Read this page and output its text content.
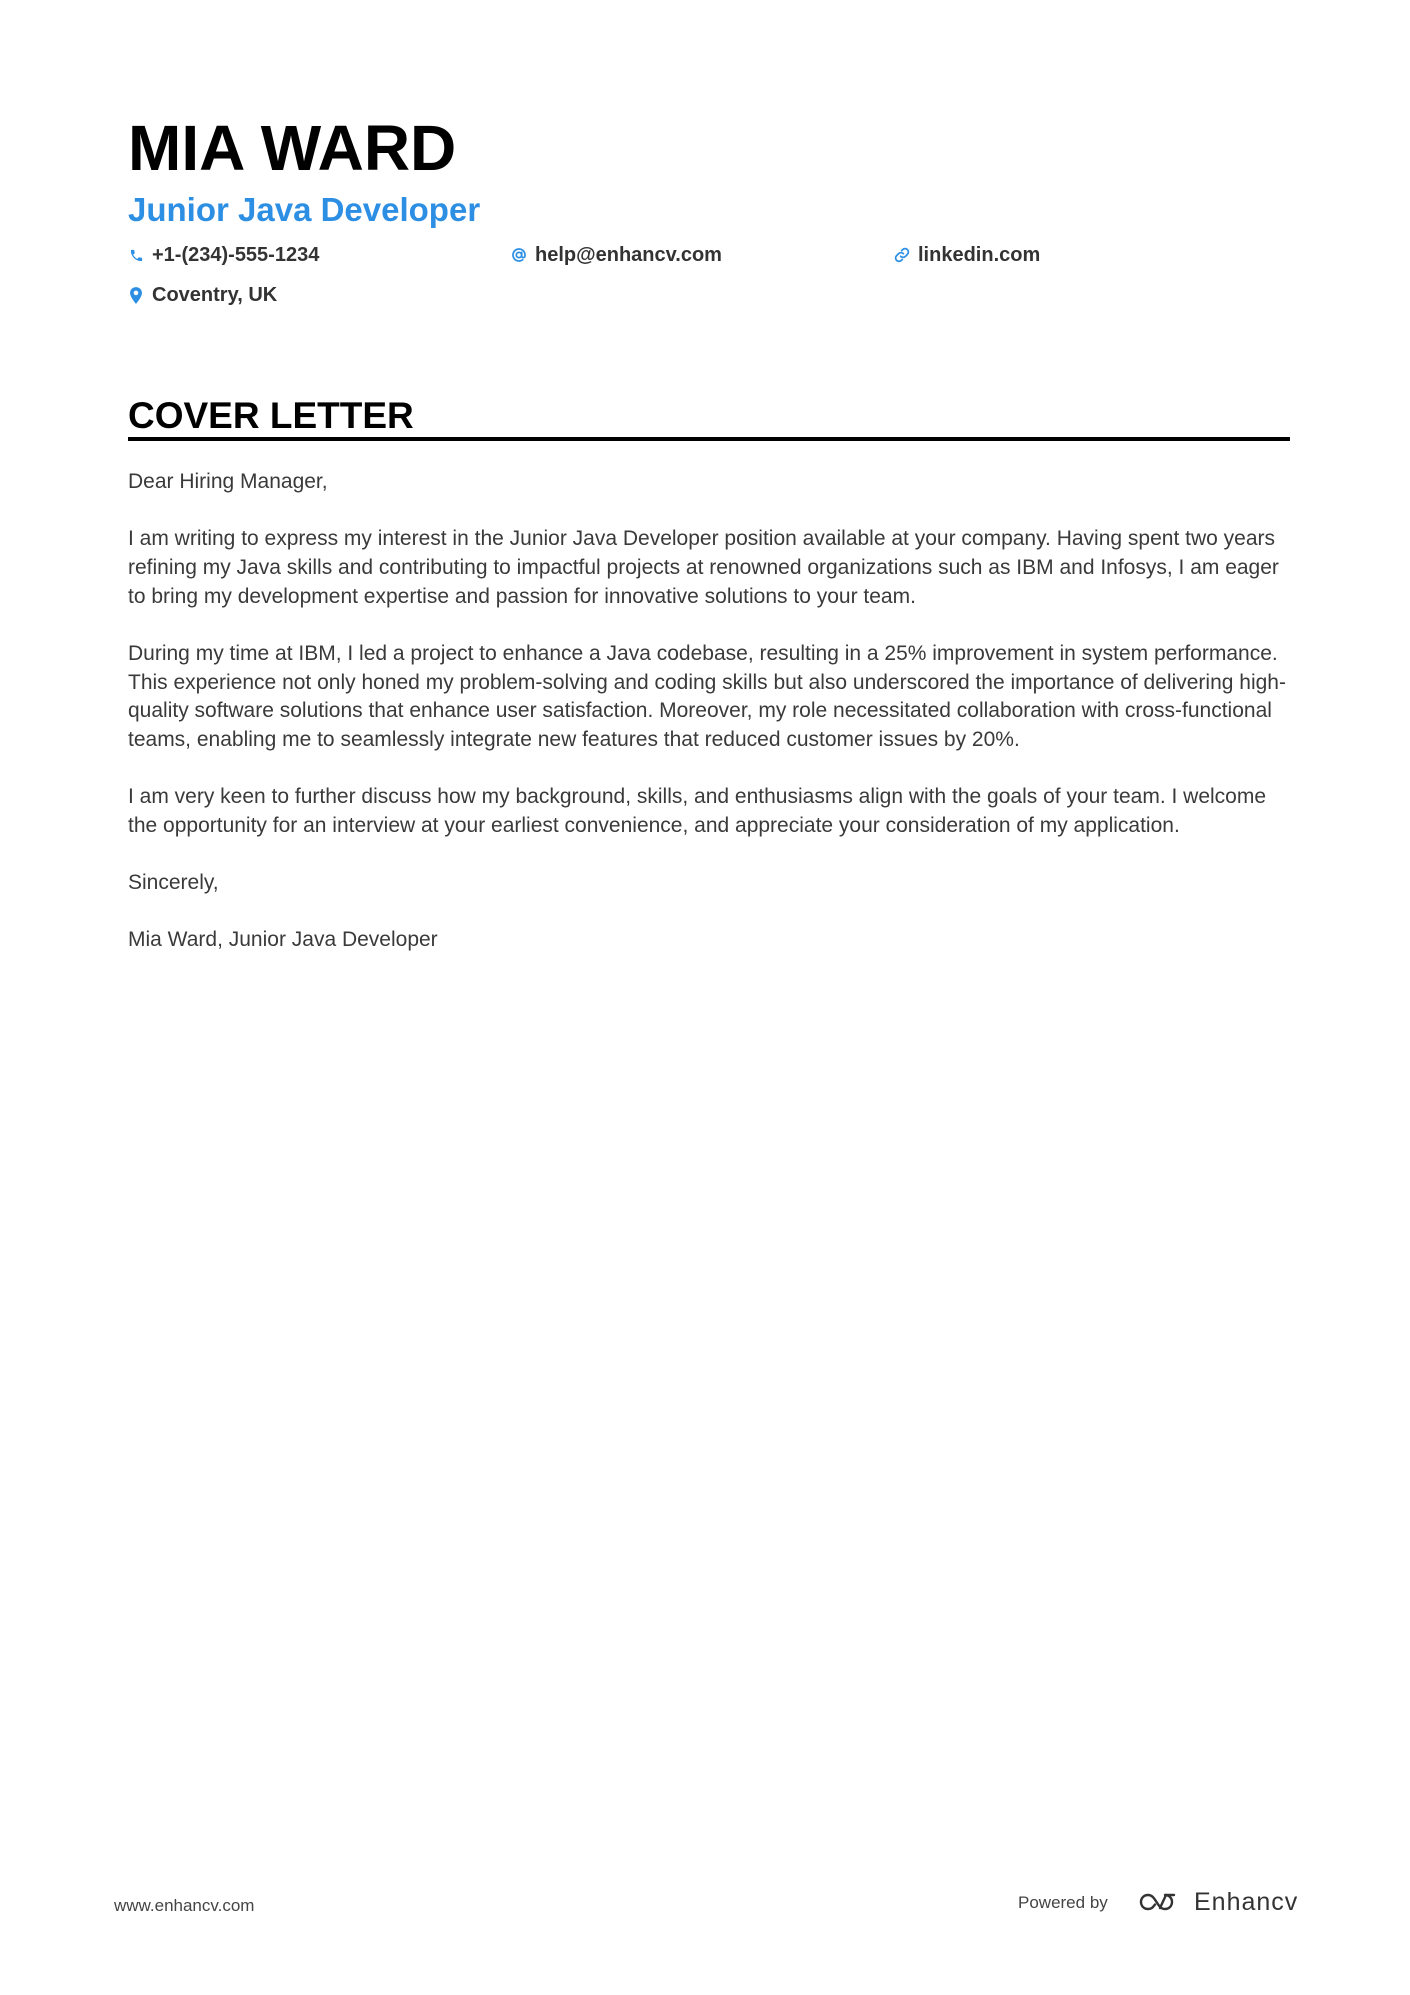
MIA WARD
Junior Java Developer
+1-(234)-555-1234	help@enhancv.com	linkedin.com
Coventry, UK
COVER LETTER

Dear Hiring Manager,

I am writing to express my interest in the Junior Java Developer position available at your company. Having spent two years refining my Java skills and contributing to impactful projects at renowned organizations such as IBM and Infosys, I am eager to bring my development expertise and passion for innovative solutions to your team.

During my time at IBM, I led a project to enhance a Java codebase, resulting in a 25% improvement in system performance. This experience not only honed my problem-solving and coding skills but also underscored the importance of delivering high-quality software solutions that enhance user satisfaction. Moreover, my role necessitated collaboration with cross-functional teams, enabling me to seamlessly integrate new features that reduced customer issues by 20%.

I am very keen to further discuss how my background, skills, and enthusiasms align with the goals of your team. I welcome the opportunity for an interview at your earliest convenience, and appreciate your consideration of my application.

Sincerely,

Mia Ward, Junior Java Developer

www.enhancv.com	Powered by	Enhancv
